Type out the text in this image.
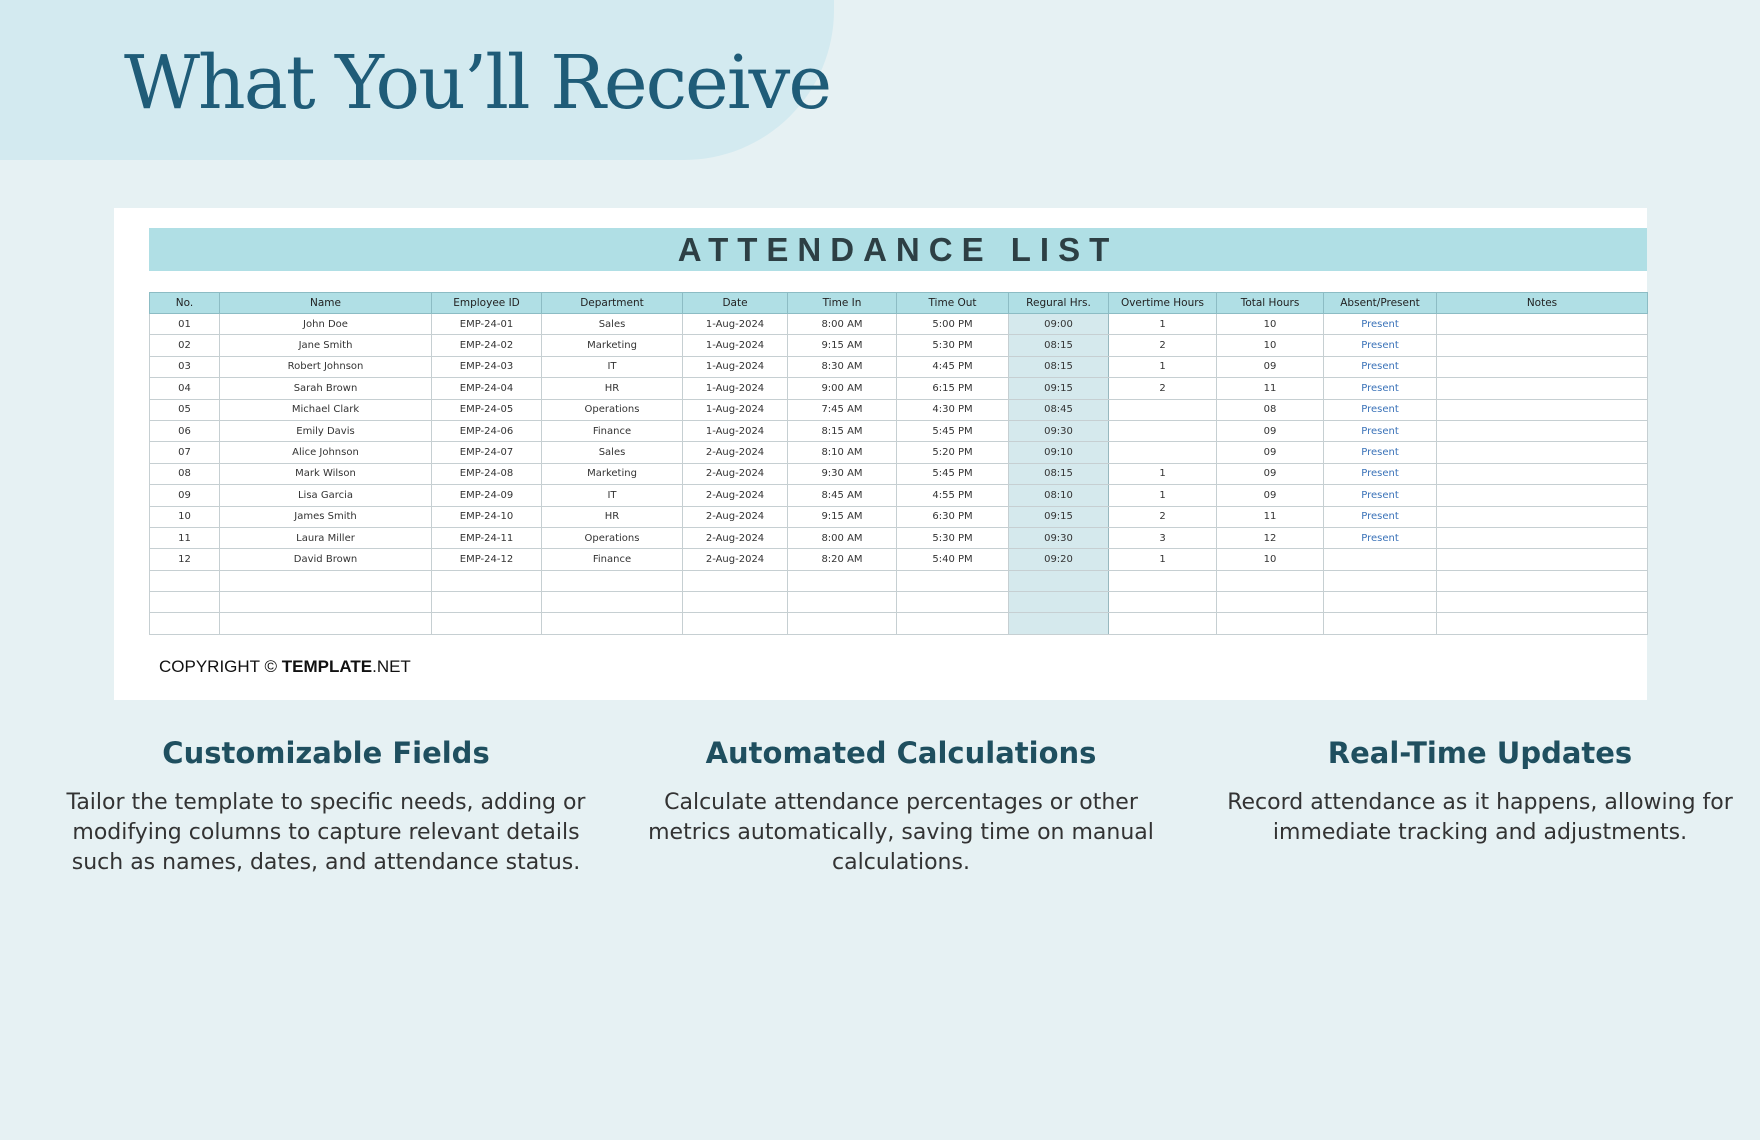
What You’ll Receive
ATTENDANCE LIST
No.	Name	Employee ID	Department	Date	Time In	Time Out	Regural Hrs.	Overtime Hours	Total Hours	Absent/Present	Notes
01	John Doe	EMP-24-01	Sales	1-Aug-2024	8:00 AM	5:00 PM	09:00	1	10	Present	
02	Jane Smith	EMP-24-02	Marketing	1-Aug-2024	9:15 AM	5:30 PM	08:15	2	10	Present	
03	Robert Johnson	EMP-24-03	IT	1-Aug-2024	8:30 AM	4:45 PM	08:15	1	09	Present	
04	Sarah Brown	EMP-24-04	HR	1-Aug-2024	9:00 AM	6:15 PM	09:15	2	11	Present	
05	Michael Clark	EMP-24-05	Operations	1-Aug-2024	7:45 AM	4:30 PM	08:45		08	Present	
06	Emily Davis	EMP-24-06	Finance	1-Aug-2024	8:15 AM	5:45 PM	09:30		09	Present	
07	Alice Johnson	EMP-24-07	Sales	2-Aug-2024	8:10 AM	5:20 PM	09:10		09	Present	
08	Mark Wilson	EMP-24-08	Marketing	2-Aug-2024	9:30 AM	5:45 PM	08:15	1	09	Present	
09	Lisa Garcia	EMP-24-09	IT	2-Aug-2024	8:45 AM	4:55 PM	08:10	1	09	Present	
10	James Smith	EMP-24-10	HR	2-Aug-2024	9:15 AM	6:30 PM	09:15	2	11	Present	
11	Laura Miller	EMP-24-11	Operations	2-Aug-2024	8:00 AM	5:30 PM	09:30	3	12	Present	
12	David Brown	EMP-24-12	Finance	2-Aug-2024	8:20 AM	5:40 PM	09:20	1	10		

COPYRIGHT © TEMPLATE.NET
Customizable Fields

Tailor the template to specific needs, adding or modifying columns to capture relevant details such as names, dates, and attendance status.

Automated Calculations

Calculate attendance percentages or other metrics automatically, saving time on manual calculations.

Real-Time Updates

Record attendance as it happens, allowing for immediate tracking and adjustments.
